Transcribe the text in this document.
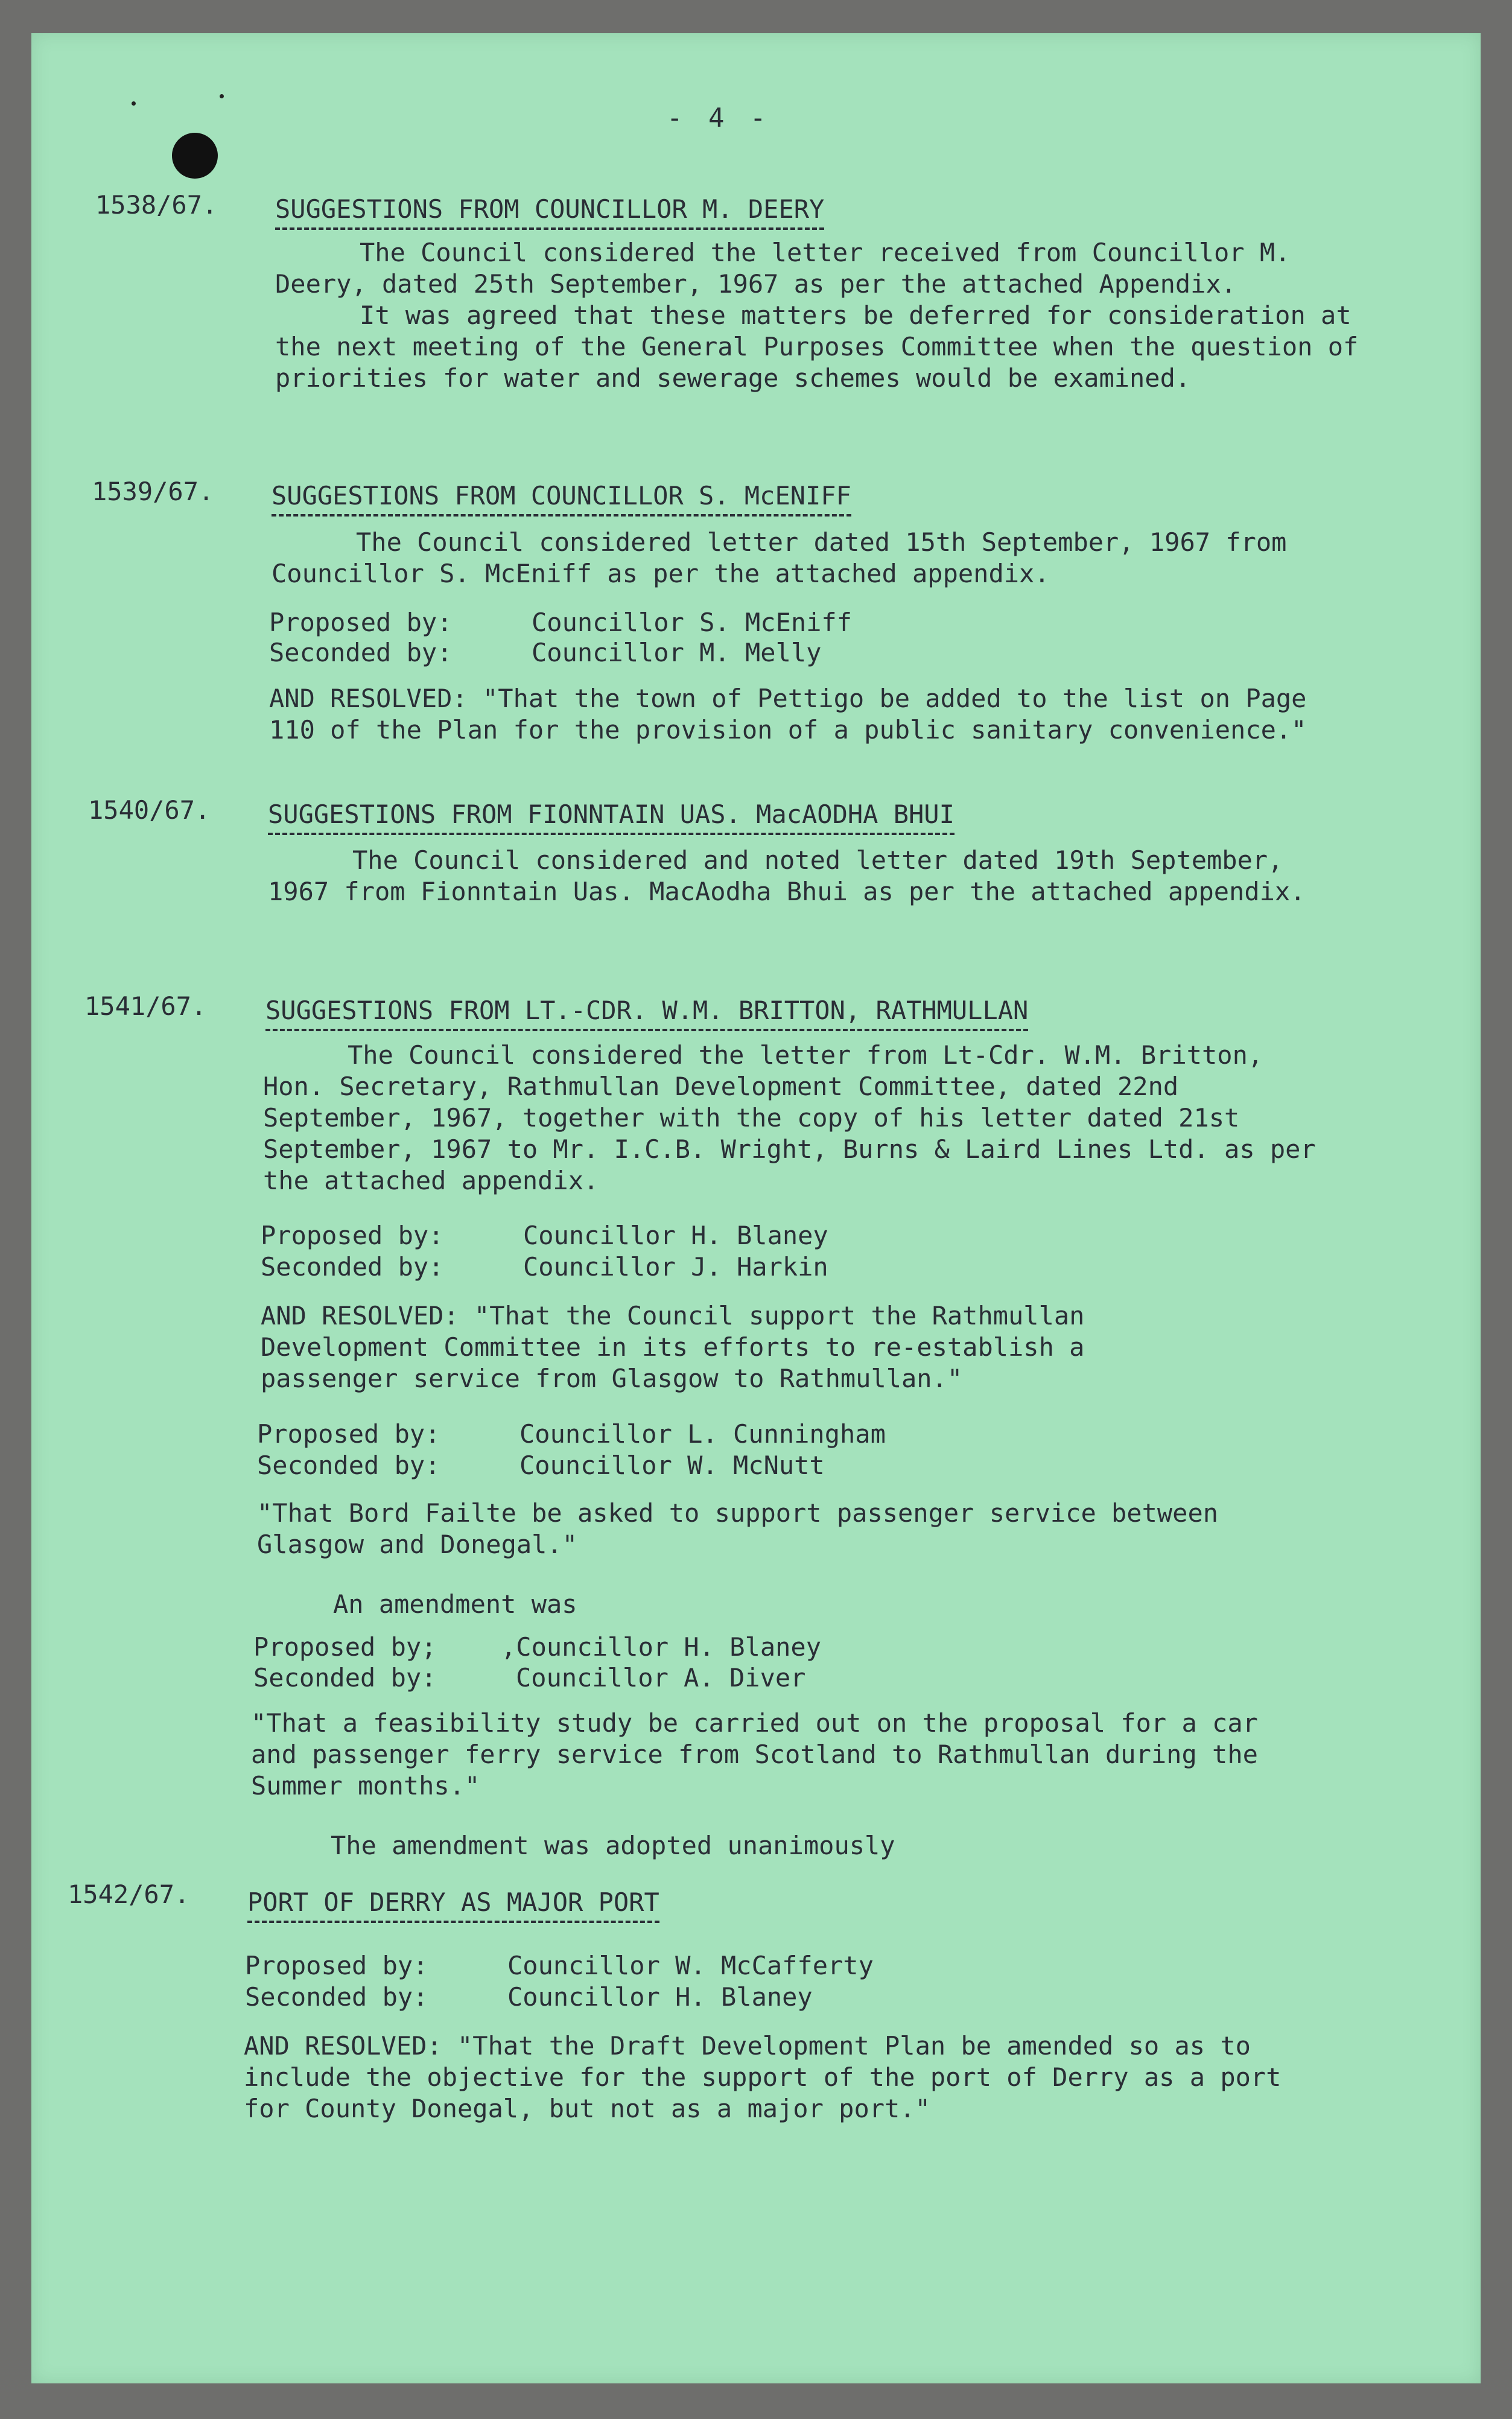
- 4 -
1538/67. SUGGESTIONS FROM COUNCILLOR M. DEERY
The Council considered the letter received from Councillor M. Deery, dated 25th September, 1967 as per the attached Appendix.
It was agreed that these matters be deferred for consideration at the next meeting of the General Purposes Committee when the question of priorities for water and sewerage schemes would be examined.
1539/67. SUGGESTIONS FROM COUNCILLOR S. McENIFF
The Council considered letter dated 15th September, 1967 from Councillor S. McEniff as per the attached appendix.
Proposed by:	Councillor S. McEniff
Seconded by:	Councillor M. Melly
AND RESOLVED: "That the town of Pettigo be added to the list on Page 110 of the Plan for the provision of a public sanitary convenience."
1540/67. SUGGESTIONS FROM FIONNTAIN UAS. MacAODHA BHUI
The Council considered and noted letter dated 19th September, 1967 from Fionntain Uas. MacAodha Bhui as per the attached appendix.
1541/67. SUGGESTIONS FROM LT.-CDR. W.M. BRITTON, RATHMULLAN
The Council considered the letter from Lt-Cdr. W.M. Britton, Hon. Secretary, Rathmullan Development Committee, dated 22nd September, 1967, together with the copy of his letter dated 21st September, 1967 to Mr. I.C.B. Wright, Burns & Laird Lines Ltd. as per the attached appendix.
Proposed by:	Councillor H. Blaney
Seconded by:	Councillor J. Harkin
AND RESOLVED: "That the Council support the Rathmullan Development Committee in its efforts to re-establish a passenger service from Glasgow to Rathmullan."
Proposed by:	Councillor L. Cunningham
Seconded by:	Councillor W. McNutt
"That Bord Failte be asked to support passenger service between Glasgow and Donegal."
An amendment was
Proposed by;	,Councillor H. Blaney
Seconded by:	Councillor A. Diver
"That a feasibility study be carried out on the proposal for a car and passenger ferry service from Scotland to Rathmullan during the Summer months."
The amendment was adopted unanimously
1542/67. PORT OF DERRY AS MAJOR PORT
Proposed by:	Councillor W. McCafferty
Seconded by:	Councillor H. Blaney
AND RESOLVED: "That the Draft Development Plan be amended so as to include the objective for the support of the port of Derry as a port for County Donegal, but not as a major port."
